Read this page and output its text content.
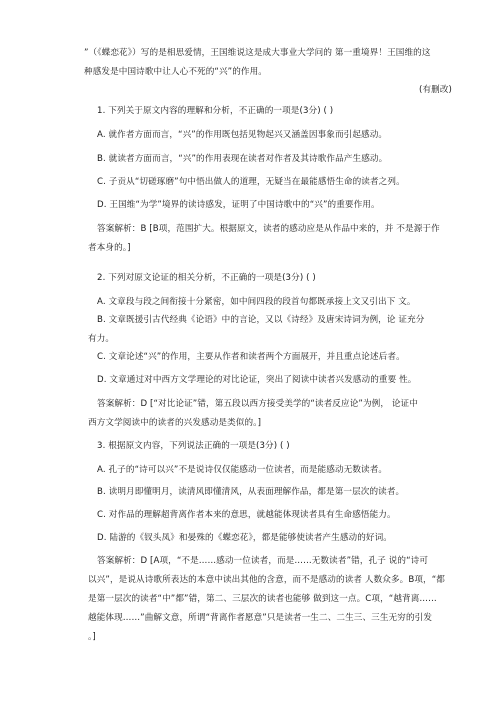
”（《蝶恋花》）写的是相思爱情，王国维说这是成大事业大学问的 第一重境界！王国维的这
种感发是中国诗歌中让人心不死的“兴”的作用。
(有删改)
1. 下列关于原文内容的理解和分析，不正确的一项是(3分) ( )
A. 就作者方面而言，“兴”的作用既包括见物起兴又涵盖因事象而引起感动。
B. 就读者方面而言，“兴”的作用表现在读者对作者及其诗歌作品产生感动。
C. 子贡从“切磋琢磨”句中悟出做人的道理，无疑当在最能感悟生命的读者之列。
D. 王国维“为学”境界的读诗感发，证明了中国诗歌中的“兴”的重要作用。
答案解析：B [B项，范围扩大。根据原文，读者的感动应是从作品中来的，并 不是源于作
者本身的。]
2. 下列对原文论证的相关分析，不正确的一项是(3分) ( )
A. 文章段与段之间衔接十分紧密，如中间四段的段首句都既承接上文又引出下 文。
B. 文章既援引古代经典《论语》中的言论，又以《诗经》及唐宋诗词为例，论 证充分
有力。
C. 文章论述“兴”的作用，主要从作者和读者两个方面展开，并且重点论述后者。
D. 文章通过对中西方文学理论的对比论证，突出了阅读中读者兴发感动的重要 性。
答案解析：D [“对比论证”错，第五段以西方接受美学的“读者反应论”为例， 论证中
西方文学阅读中的读者的兴发感动是类似的。]
3. 根据原文内容，下列说法正确的一项是(3分) ( )
A. 孔子的“诗可以兴”不是说诗仅仅能感动一位读者，而是能感动无数读者。
B. 读明月即懂明月，读清风即懂清风，从表面理解作品，都是第一层次的读者。
C. 对作品的理解超背离作者本来的意思，就越能体现读者具有生命感悟能力。
D. 陆游的《钗头凤》和晏殊的《蝶恋花》，都是能够使读者产生感动的好词。
答案解析：D [A项，“不是……感动一位读者，而是……无数读者”错，孔子 说的“诗可
以兴”，是说从诗歌所表达的本意中读出其他的含意，而不是感动的读者 人数众多。B项，“都
是第一层次的读者“中”都”错，第二、三层次的读者也能够 做到这一点。C项，“越背离……
越能体现……”曲解文意，所谓“背离作者愿意”只是读者一生二、二生三、三生无穷的引发
。]
